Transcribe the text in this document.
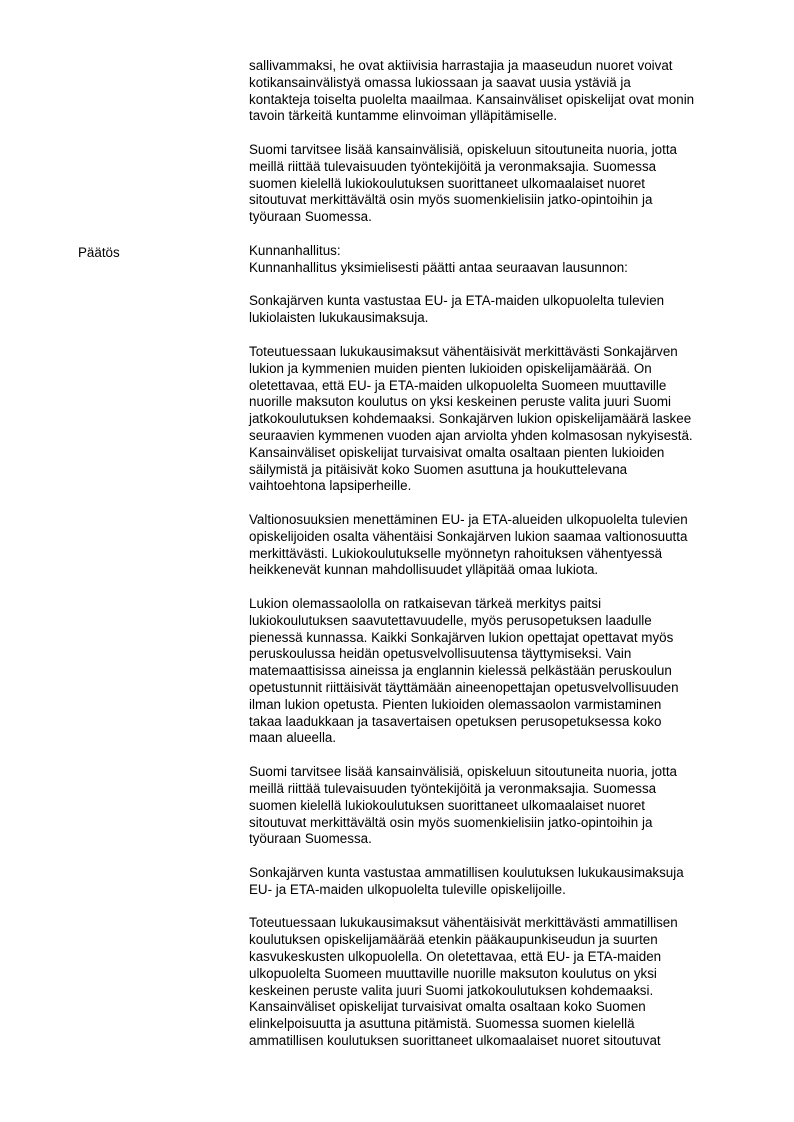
Päätös

sallivammaksi, he ovat aktiivisia harrastajia ja maaseudun nuoret voivat

kotikansainvälistyä omassa lukiossaan ja saavat uusia ystäviä ja

kontakteja toiselta puolelta maailmaa. Kansainväliset opiskelijat ovat monin

tavoin tärkeitä kuntamme elinvoiman ylläpitämiselle.

Suomi tarvitsee lisää kansainvälisiä, opiskeluun sitoutuneita nuoria, jotta

meillä riittää tulevaisuuden työntekijöitä ja veronmaksajia. Suomessa

suomen kielellä lukiokoulutuksen suorittaneet ulkomaalaiset nuoret

sitoutuvat merkittävältä osin myös suomenkielisiin jatko-opintoihin ja

työuraan Suomessa.

Kunnanhallitus:

Kunnanhallitus yksimielisesti päätti antaa seuraavan lausunnon:

Sonkajärven kunta vastustaa EU- ja ETA-maiden ulkopuolelta tulevien

lukiolaisten lukukausimaksuja.

Toteutuessaan lukukausimaksut vähentäisivät merkittävästi Sonkajärven

lukion ja kymmenien muiden pienten lukioiden opiskelijamäärää. On

oletettavaa, että EU- ja ETA-maiden ulkopuolelta Suomeen muuttaville

nuorille maksuton koulutus on yksi keskeinen peruste valita juuri Suomi

jatkokoulutuksen kohdemaaksi. Sonkajärven lukion opiskelijamäärä laskee

seuraavien kymmenen vuoden ajan arviolta yhden kolmasosan nykyisestä.

Kansainväliset opiskelijat turvaisivat omalta osaltaan pienten lukioiden

säilymistä ja pitäisivät koko Suomen asuttuna ja houkuttelevana

vaihtoehtona lapsiperheille.

Valtionosuuksien menettäminen EU- ja ETA-alueiden ulkopuolelta tulevien

opiskelijoiden osalta vähentäisi Sonkajärven lukion saamaa valtionosuutta

merkittävästi. Lukiokoulutukselle myönnetyn rahoituksen vähentyessä

heikkenevät kunnan mahdollisuudet ylläpitää omaa lukiota.

Lukion olemassaololla on ratkaisevan tärkeä merkitys paitsi

lukiokoulutuksen saavutettavuudelle, myös perusopetuksen laadulle

pienessä kunnassa. Kaikki Sonkajärven lukion opettajat opettavat myös

peruskoulussa heidän opetusvelvollisuutensa täyttymiseksi. Vain

matemaattisissa aineissa ja englannin kielessä pelkästään peruskoulun

opetustunnit riittäisivät täyttämään aineenopettajan opetusvelvollisuuden

ilman lukion opetusta. Pienten lukioiden olemassaolon varmistaminen

takaa laadukkaan ja tasavertaisen opetuksen perusopetuksessa koko

maan alueella.

Suomi tarvitsee lisää kansainvälisiä, opiskeluun sitoutuneita nuoria, jotta

meillä riittää tulevaisuuden työntekijöitä ja veronmaksajia. Suomessa

suomen kielellä lukiokoulutuksen suorittaneet ulkomaalaiset nuoret

sitoutuvat merkittävältä osin myös suomenkielisiin jatko-opintoihin ja

työuraan Suomessa.

Sonkajärven kunta vastustaa ammatillisen koulutuksen lukukausimaksuja

EU- ja ETA-maiden ulkopuolelta tuleville opiskelijoille.

Toteutuessaan lukukausimaksut vähentäisivät merkittävästi ammatillisen

koulutuksen opiskelijamäärää etenkin pääkaupunkiseudun ja suurten

kasvukeskusten ulkopuolella. On oletettavaa, että EU- ja ETA-maiden

ulkopuolelta Suomeen muuttaville nuorille maksuton koulutus on yksi

keskeinen peruste valita juuri Suomi jatkokoulutuksen kohdemaaksi.

Kansainväliset opiskelijat turvaisivat omalta osaltaan koko Suomen

elinkelpoisuutta ja asuttuna pitämistä. Suomessa suomen kielellä

ammatillisen koulutuksen suorittaneet ulkomaalaiset nuoret sitoutuvat
